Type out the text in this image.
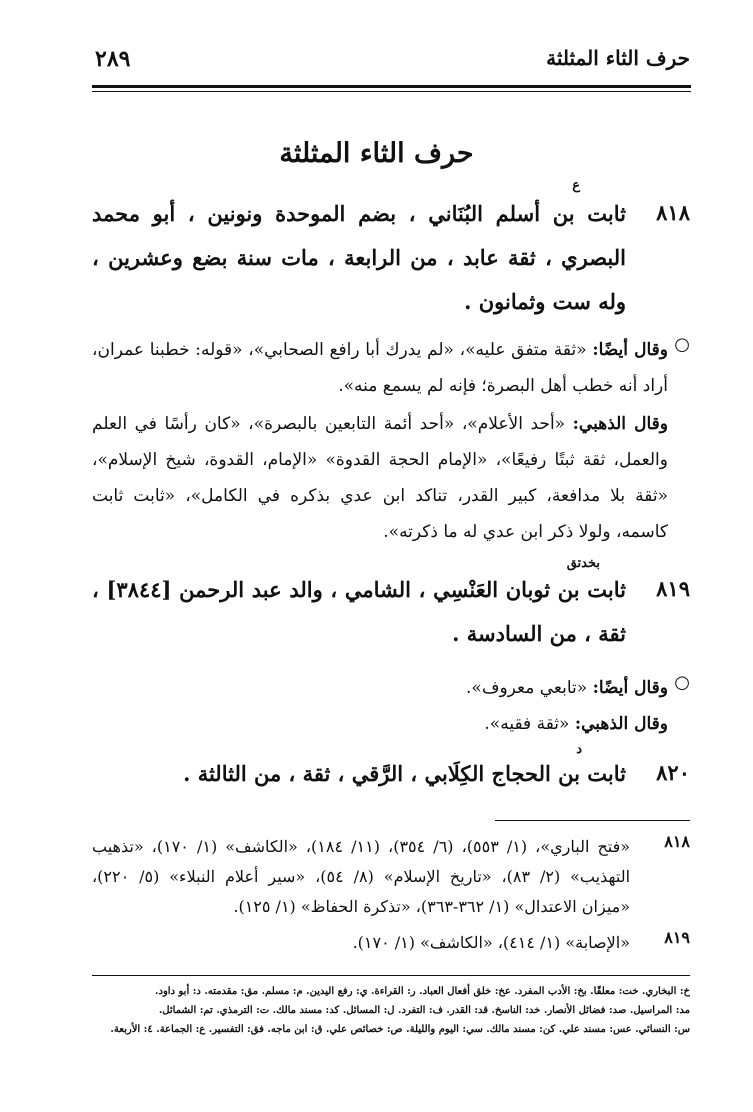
حرف الثاء المثلثة
٢٨٩
حرف الثاء المثلثة
٨١٨
ع
ثابت بن أسلم البُنَاني ، بضم الموحدة ونونين ، أبو محمد البصري ، ثقة عابد ، من الرابعة ، مات سنة بضع وعشرين ، وله ست وثمانون .
○
وقال أيضًا: «ثقة متفق عليه»، «لم يدرك أبا رافع الصحابي»، «قوله: خطبنا عمران، أراد أنه خطب أهل البصرة؛ فإنه لم يسمع منه».
وقال الذهبي: «أحد الأعلام»، «أحد أئمة التابعين بالبصرة»، «كان رأسًا في العلم والعمل، ثقة ثبتًا رفيعًا»، «الإمام الحجة القدوة» «الإمام، القدوة، شيخ الإسلام»، «ثقة بلا مدافعة، كبير القدر، تناكد ابن عدي بذكره في الكامل»، «ثابت ثابت كاسمه، ولولا ذكر ابن عدي له ما ذكرته».
٨١٩
بخدتق
ثابت بن ثوبان العَنْسِي ، الشامي ، والد عبد الرحمن [٣٨٤٤] ، ثقة ، من السادسة .
○
وقال أيضًا: «تابعي معروف».
وقال الذهبي: «ثقة فقيه».
٨٢٠
د
ثابت بن الحجاج الكِلَابي ، الرَّقي ، ثقة ، من الثالثة .
٨١٨
«فتح الباري»، (١/ ٥٥٣)، (٦/ ٣٥٤)، (١١/ ١٨٤)، «الكاشف» (١/ ١٧٠)، «تذهيب التهذيب» (٢/ ٨٣)، «تاريخ الإسلام» (٨/ ٥٤)، «سير أعلام النبلاء» (٥/ ٢٢٠)، «ميزان الاعتدال» (١/ ٣٦٢-٣٦٣)، «تذكرة الحفاظ» (١/ ١٢٥).
٨١٩
«الإصابة» (١/ ٤١٤)، «الكاشف» (١/ ١٧٠).
خ: البخاري. خت: معلقًا. بخ: الأدب المفرد. عخ: خلق أفعال العباد. ر: القراءة. ي: رفع اليدين. م: مسلم. مق: مقدمته. د: أبو داود.
مد: المراسيل. صد: فضائل الأنصار. خد: الناسخ. قد: القدر. ف: التفرد. ل: المسائل. كد: مسند مالك. ت: الترمذي. تم: الشمائل.
س: النسائي. عس: مسند علي. كن: مسند مالك. سي: اليوم والليلة. ص: خصائص علي. ق: ابن ماجه. فق: التفسير. ع: الجماعة. ٤: الأربعة.
